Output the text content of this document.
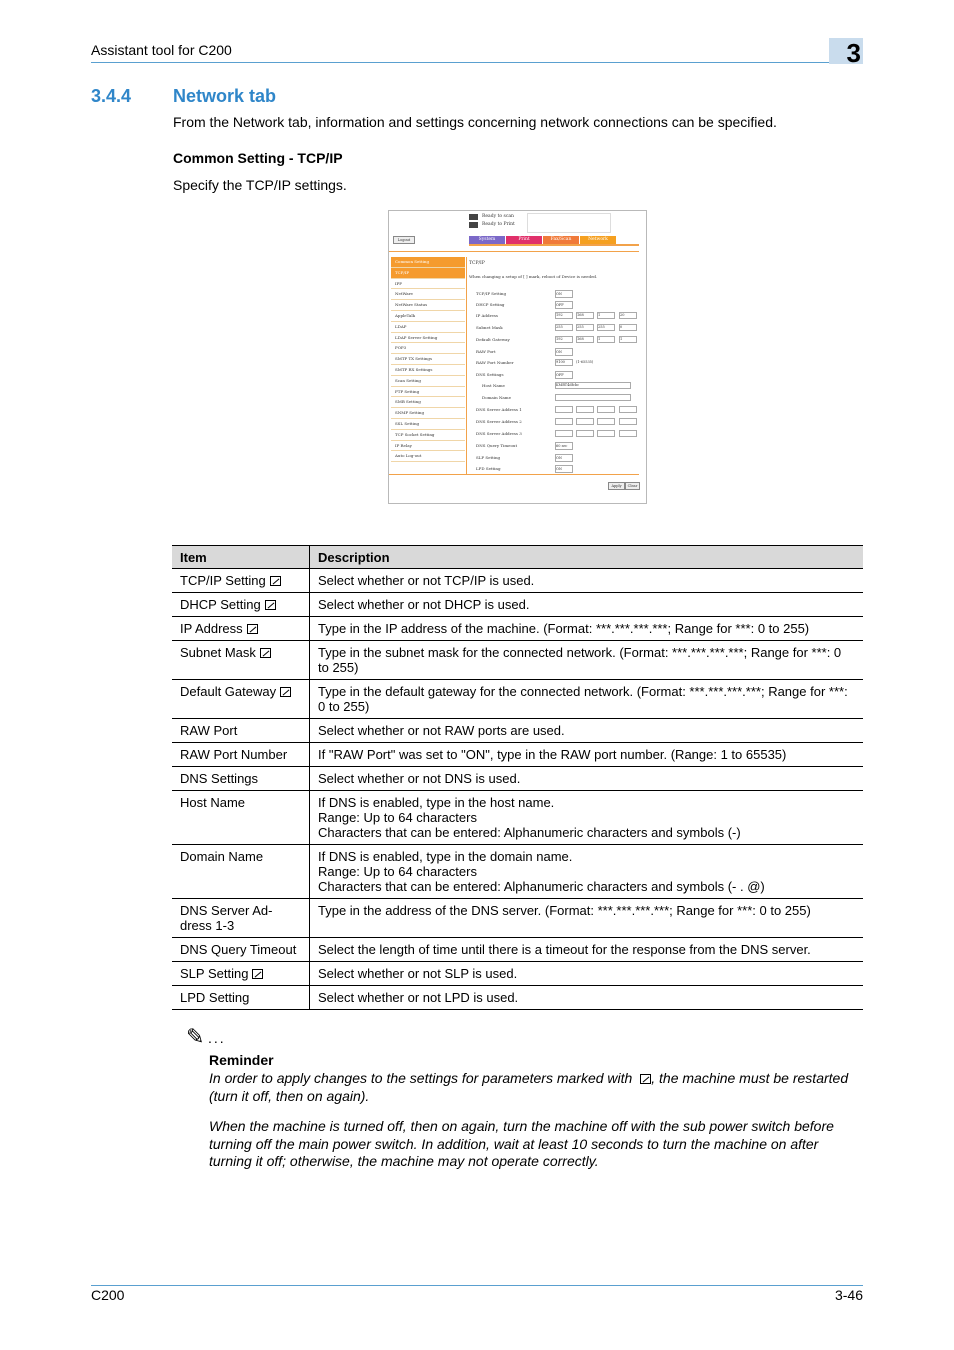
Assistant tool for C200	3
3.4.4 Network tab
From the Network tab, information and settings concerning network connections can be specified.
Common Setting - TCP/IP
Specify the TCP/IP settings.
Ready to scan
Ready to Print
Logout	System	Print	Fax/Scan	Network
Common Setting
TCP/IP
IPP
NetWare
NetWare Status
AppleTalk
LDAP
LDAP Server Setting
POP3
SMTP TX Settings
SMTP RX Settings
Scan Setting
FTP Setting
SMB Setting
SNMP Setting
SSL Setting
TCP Socket Setting
IP Relay
Auto Log-out
TCP/IP
When changing a setup of [ ] mark, reboot of Device is needed.
TCP/IP Setting	ON
DHCP Setting	OFF
IP Address	192	168	1	20
Subnet Mask	255	255	255	0
Default Gateway	192	168	1	1
RAW Port	ON
RAW Port Number	9100	(1-65535)
DNS Settings	OFF
Host Name	KMBT4dfcbc
Domain Name
DNS Server Address 1
DNS Server Address 2
DNS Server Address 3
DNS Query Timeout	60 sec
SLP Setting	ON
LPD Setting	ON
Apply	Clear
Item	Description
TCP/IP Setting	Select whether or not TCP/IP is used.
DHCP Setting	Select whether or not DHCP is used.
IP Address	Type in the IP address of the machine. (Format: ***.***.***.***; Range for ***: 0 to 255)
Subnet Mask	Type in the subnet mask for the connected network. (Format: ***.***.***.***; Range for ***: 0 to 255)
Default Gateway	Type in the default gateway for the connected network. (Format: ***.***.***.***; Range for ***: 0 to 255)
RAW Port	Select whether or not RAW ports are used.
RAW Port Number	If "RAW Port" was set to "ON", type in the RAW port number. (Range: 1 to 65535)
DNS Settings	Select whether or not DNS is used.
Host Name	If DNS is enabled, type in the host name.
Range: Up to 64 characters
Characters that can be entered: Alphanumeric characters and symbols (-)
Domain Name	If DNS is enabled, type in the domain name.
Range: Up to 64 characters
Characters that can be entered: Alphanumeric characters and symbols (- . @)
DNS Server Ad-
dress 1-3	Type in the address of the DNS server. (Format: ***.***.***.***; Range for ***: 0 to 255)
DNS Query Timeout	Select the length of time until there is a timeout for the response from the DNS server.
SLP Setting	Select whether or not SLP is used.
LPD Setting	Select whether or not LPD is used.
✎ ...
Reminder
In order to apply changes to the settings for parameters marked with , the machine must be restarted (turn it off, then on again).
When the machine is turned off, then on again, turn the machine off with the sub power switch before turning off the main power switch. In addition, wait at least 10 seconds to turn the machine on after turning it off; otherwise, the machine may not operate correctly.
C200	3-46
